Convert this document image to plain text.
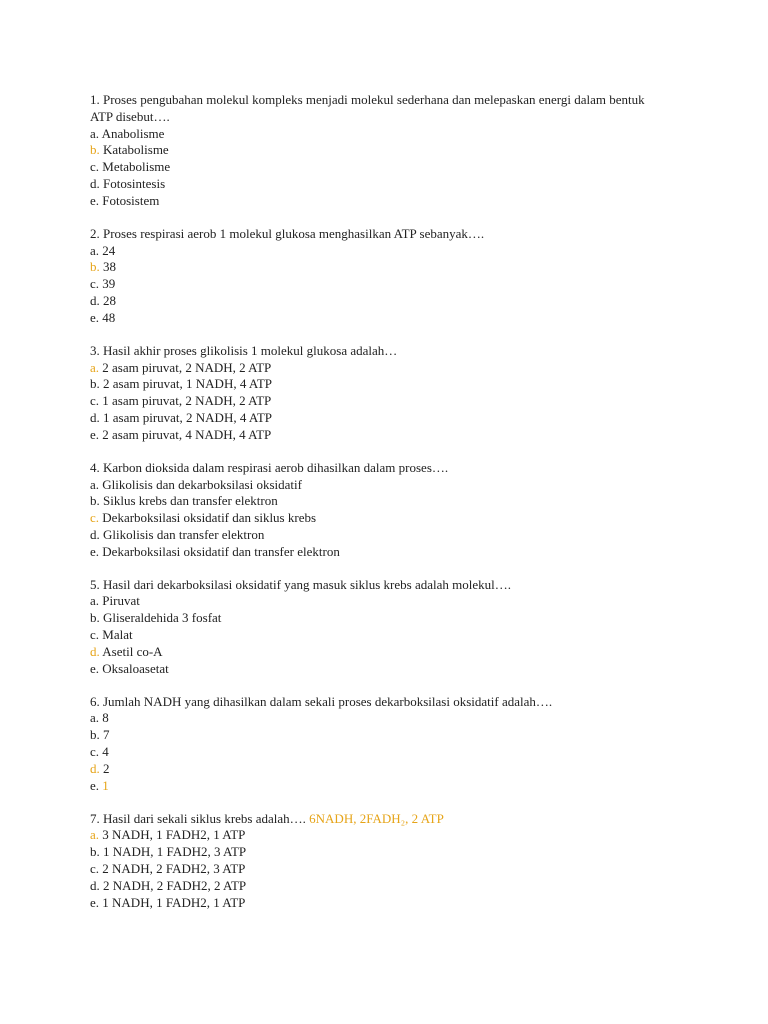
1. Proses pengubahan molekul kompleks menjadi molekul sederhana dan melepaskan energi dalam bentuk

ATP disebut….

a. Anabolisme

b. Katabolisme

c. Metabolisme

d. Fotosintesis

e. Fotosistem

2. Proses respirasi aerob 1 molekul glukosa menghasilkan ATP sebanyak….

a. 24

b. 38

c. 39

d. 28

e. 48

3. Hasil akhir proses glikolisis 1 molekul glukosa adalah…

a. 2 asam piruvat, 2 NADH, 2 ATP

b. 2 asam piruvat, 1 NADH, 4 ATP

c. 1 asam piruvat, 2 NADH, 2 ATP

d. 1 asam piruvat, 2 NADH, 4 ATP

e. 2 asam piruvat, 4 NADH, 4 ATP

4. Karbon dioksida dalam respirasi aerob dihasilkan dalam proses….

a. Glikolisis dan dekarboksilasi oksidatif

b. Siklus krebs dan transfer elektron

c. Dekarboksilasi oksidatif dan siklus krebs

d. Glikolisis dan transfer elektron

e. Dekarboksilasi oksidatif dan transfer elektron

5. Hasil dari dekarboksilasi oksidatif yang masuk siklus krebs adalah molekul….

a. Piruvat

b. Gliseraldehida 3 fosfat

c. Malat

d. Asetil co-A

e. Oksaloasetat

6. Jumlah NADH yang dihasilkan dalam sekali proses dekarboksilasi oksidatif adalah….

a. 8

b. 7

c. 4

d. 2

e. 1

7. Hasil dari sekali siklus krebs adalah…. 6NADH, 2FADH₂, 2 ATP

a. 3 NADH, 1 FADH2, 1 ATP

b. 1 NADH, 1 FADH2, 3 ATP

c. 2 NADH, 2 FADH2, 3 ATP

d. 2 NADH, 2 FADH2, 2 ATP

e. 1 NADH, 1 FADH2, 1 ATP
